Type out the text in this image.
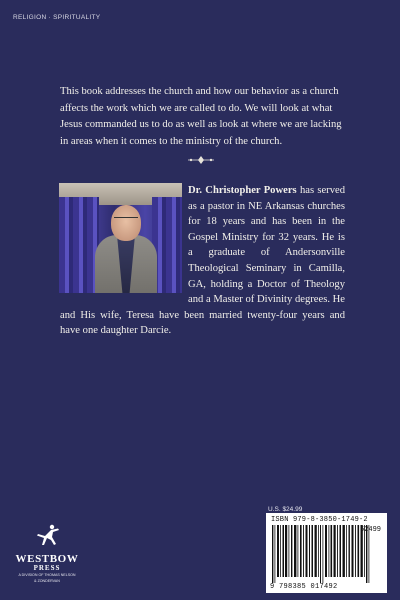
RELIGION · SPIRITUALITY

This book addresses the church and how our behavior as a church affects the work which we are called to do. We will look at what Jesus commanded us to do as well as look at where we are lacking in areas when it comes to the ministry of the church.

Dr. Christopher Powers has served as a pastor in NE Arkansas churches for 18 years and has been in the Gospel Ministry for 32 years. He is a graduate of Andersonville Theological Seminary in Camilla, GA, holding a Doctor of Theology and a Master of Divinity degrees. He and His wife, Teresa have been married twenty-four years and have one daughter Darcie.

U.S. $24.99
ISBN 979-8-3850-1749-2
52499
9 798385 017492
WESTBOW
PRESS
A DIVISION OF THOMAS NELSON
& ZONDERVAN
